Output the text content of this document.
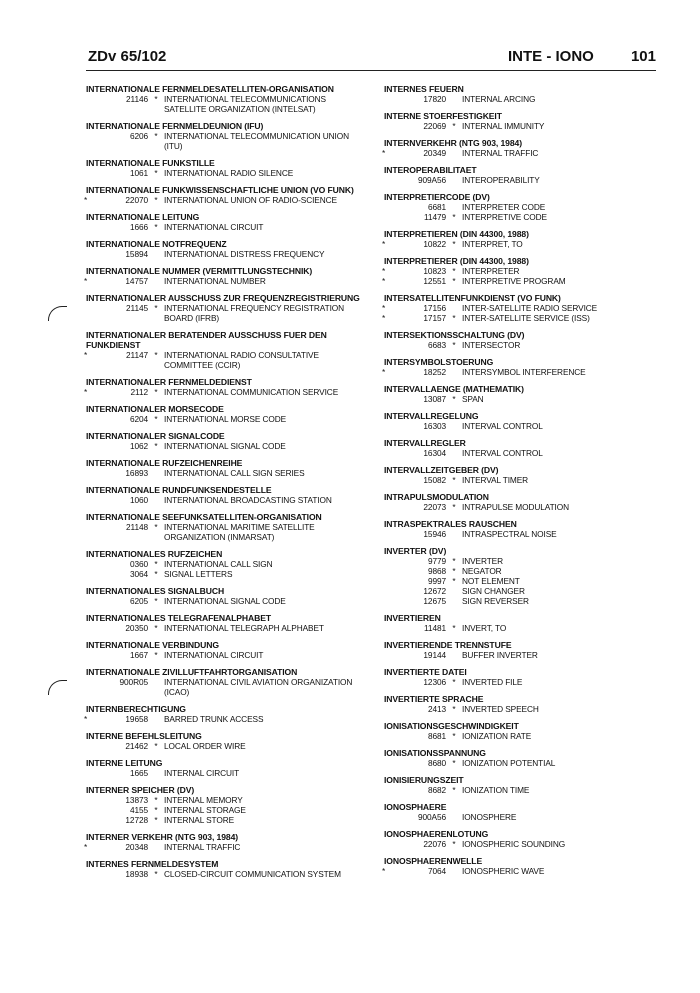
ZDv 65/102	INTE - IONO 101
INTERNATIONALE FERNMELDESATELLITEN-ORGANISATION
21146 * INTERNATIONAL TELECOMMUNICATIONS
SATELLITE ORGANIZATION (INTELSAT)
INTERNATIONALE FERNMELDEUNION (IFU)
6206 * INTERNATIONAL TELECOMMUNICATION UNION
(ITU)
INTERNATIONALE FUNKSTILLE
1061 * INTERNATIONAL RADIO SILENCE
INTERNATIONALE FUNKWISSENSCHAFTLICHE UNION (VO FUNK)
*	22070 * INTERNATIONAL UNION OF RADIO-SCIENCE
INTERNATIONALE LEITUNG
1666 * INTERNATIONAL CIRCUIT
INTERNATIONALE NOTFREQUENZ
15894 INTERNATIONAL DISTRESS FREQUENCY
INTERNATIONALE NUMMER (VERMITTLUNGSTECHNIK)
*	14757 INTERNATIONAL NUMBER
INTERNATIONALER AUSSCHUSS ZUR FREQUENZREGISTRIERUNG
21145 * INTERNATIONAL FREQUENCY REGISTRATION
BOARD (IFRB)
INTERNATIONALER BERATENDER AUSSCHUSS FUER DEN FUNKDIENST
*	21147 * INTERNATIONAL RADIO CONSULTATIVE
COMMITTEE (CCIR)
INTERNATIONALER FERNMELDEDIENST
*	2112 * INTERNATIONAL COMMUNICATION SERVICE
INTERNATIONALER MORSECODE
6204 * INTERNATIONAL MORSE CODE
INTERNATIONALER SIGNALCODE
1062 * INTERNATIONAL SIGNAL CODE
INTERNATIONALE RUFZEICHENREIHE
16893 INTERNATIONAL CALL SIGN SERIES
INTERNATIONALE RUNDFUNKSENDESTELLE
1060 INTERNATIONAL BROADCASTING STATION
INTERNATIONALE SEEFUNKSATELLITEN-ORGANISATION
21148 * INTERNATIONAL MARITIME SATELLITE
ORGANIZATION (INMARSAT)
INTERNATIONALES RUFZEICHEN
0360 * INTERNATIONAL CALL SIGN
3064 * SIGNAL LETTERS
INTERNATIONALES SIGNALBUCH
6205 * INTERNATIONAL SIGNAL CODE
INTERNATIONALES TELEGRAFENALPHABET
20350 * INTERNATIONAL TELEGRAPH ALPHABET
INTERNATIONALE VERBINDUNG
1667 * INTERNATIONAL CIRCUIT
INTERNATIONALE ZIVILLUFTFAHRTORGANISATION
900R05 INTERNATIONAL CIVIL AVIATION ORGANIZATION
(ICAO)
INTERNBERECHTIGUNG
*	19658 BARRED TRUNK ACCESS
INTERNE BEFEHLSLEITUNG
21462 * LOCAL ORDER WIRE
INTERNE LEITUNG
1665 INTERNAL CIRCUIT
INTERNER SPEICHER (DV)
13873 * INTERNAL MEMORY
4155 * INTERNAL STORAGE
12728 * INTERNAL STORE
INTERNER VERKEHR (NTG 903, 1984)
*	20348 INTERNAL TRAFFIC
INTERNES FERNMELDESYSTEM
18938 * CLOSED-CIRCUIT COMMUNICATION SYSTEM
INTERNES FEUERN
17820 INTERNAL ARCING
INTERNE STOERFESTIGKEIT
22069 * INTERNAL IMMUNITY
INTERNVERKEHR (NTG 903, 1984)
*	20349 INTERNAL TRAFFIC
INTEROPERABILITAET
909A56 INTEROPERABILITY
INTERPRETIERCODE (DV)
6681 INTERPRETER CODE
11479 * INTERPRETIVE CODE
INTERPRETIEREN (DIN 44300, 1988)
*	10822 * INTERPRET, TO
INTERPRETIERER (DIN 44300, 1988)
*	10823 * INTERPRETER
*	12551 * INTERPRETIVE PROGRAM
INTERSATELLITENFUNKDIENST (VO FUNK)
*	17156 INTER-SATELLITE RADIO SERVICE
*	17157 * INTER-SATELLITE SERVICE (ISS)
INTERSEKTIONSSCHALTUNG (DV)
6683 * INTERSECTOR
INTERSYMBOLSTOERUNG
*	18252 INTERSYMBOL INTERFERENCE
INTERVALLAENGE (MATHEMATIK)
13087 * SPAN
INTERVALLREGELUNG
16303 INTERVAL CONTROL
INTERVALLREGLER
16304 INTERVAL CONTROL
INTERVALLZEITGEBER (DV)
15082 * INTERVAL TIMER
INTRAPULSMODULATION
22073 * INTRAPULSE MODULATION
INTRASPEKTRALES RAUSCHEN
15946 INTRASPECTRAL NOISE
INVERTER (DV)
9779 * INVERTER
9868 * NEGATOR
9997 * NOT ELEMENT
12672 SIGN CHANGER
12675 SIGN REVERSER
INVERTIEREN
11481 * INVERT, TO
INVERTIERENDE TRENNSTUFE
19144 BUFFER INVERTER
INVERTIERTE DATEI
12306 * INVERTED FILE
INVERTIERTE SPRACHE
2413 * INVERTED SPEECH
IONISATIONSGESCHWINDIGKEIT
8681 * IONIZATION RATE
IONISATIONSSPANNUNG
8680 * IONIZATION POTENTIAL
IONISIERUNGSZEIT
8682 * IONIZATION TIME
IONOSPHAERE
900A56 IONOSPHERE
IONOSPHAERENLOTUNG
22076 * IONOSPHERIC SOUNDING
IONOSPHAERENWELLE
*	7064 IONOSPHERIC WAVE
